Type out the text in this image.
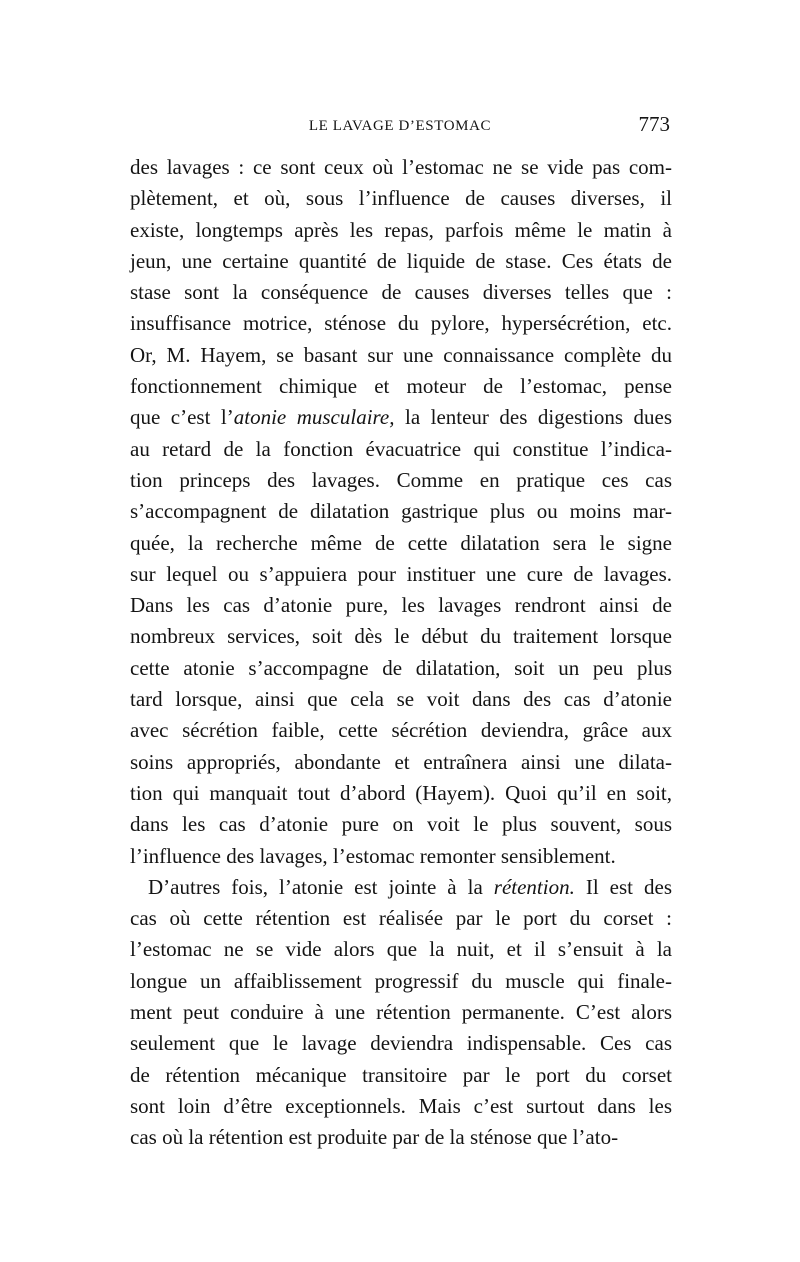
LE LAVAGE D’ESTOMAC	773
des lavages : ce sont ceux où l’estomac ne se vide pas com-
plètement, et où, sous l’influence de causes diverses, il
existe, longtemps après les repas, parfois même le matin à
jeun, une certaine quantité de liquide de stase. Ces états de
stase sont la conséquence de causes diverses telles que :
insuffisance motrice, sténose du pylore, hypersécrétion, etc.
Or, M. Hayem, se basant sur une connaissance complète du
fonctionnement chimique et moteur de l’estomac, pense
que c’est l’atonie musculaire, la lenteur des digestions dues
au retard de la fonction évacuatrice qui constitue l’indica-
tion princeps des lavages. Comme en pratique ces cas
s’accompagnent de dilatation gastrique plus ou moins mar-
quée, la recherche même de cette dilatation sera le signe
sur lequel ou s’appuiera pour instituer une cure de lavages.
Dans les cas d’atonie pure, les lavages rendront ainsi de
nombreux services, soit dès le début du traitement lorsque
cette atonie s’accompagne de dilatation, soit un peu plus
tard lorsque, ainsi que cela se voit dans des cas d’atonie
avec sécrétion faible, cette sécrétion deviendra, grâce aux
soins appropriés, abondante et entraînera ainsi une dilata-
tion qui manquait tout d’abord (Hayem). Quoi qu’il en soit,
dans les cas d’atonie pure on voit le plus souvent, sous
l’influence des lavages, l’estomac remonter sensiblement.
D’autres fois, l’atonie est jointe à la rétention. Il est des
cas où cette rétention est réalisée par le port du corset :
l’estomac ne se vide alors que la nuit, et il s’ensuit à la
longue un affaiblissement progressif du muscle qui finale-
ment peut conduire à une rétention permanente. C’est alors
seulement que le lavage deviendra indispensable. Ces cas
de rétention mécanique transitoire par le port du corset
sont loin d’être exceptionnels. Mais c’est surtout dans les
cas où la rétention est produite par de la sténose que l’ato-
